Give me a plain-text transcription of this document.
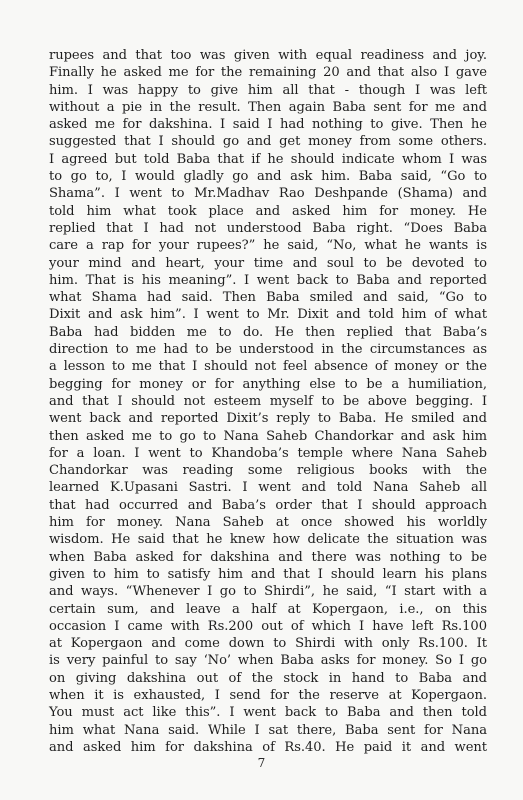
rupees and that too was given with equal readiness and joy.
Finally he asked me for the remaining 20 and that also I gave
him. I was happy to give him all that - though I was left
without a pie in the result. Then again Baba sent for me and
asked me for dakshina. I said I had nothing to give. Then he
suggested that I should go and get money from some others.
I agreed but told Baba that if he should indicate whom I was
to go to, I would gladly go and ask him. Baba said, “Go to
Shama”. I went to Mr.Madhav Rao Deshpande (Shama) and
told him what took place and asked him for money. He
replied that I had not understood Baba right. “Does Baba
care a rap for your rupees?” he said, “No, what he wants is
your mind and heart, your time and soul to be devoted to
him. That is his meaning”. I went back to Baba and reported
what Shama had said. Then Baba smiled and said, “Go to
Dixit and ask him”. I went to Mr. Dixit and told him of what
Baba had bidden me to do. He then replied that Baba’s
direction to me had to be understood in the circumstances as
a lesson to me that I should not feel absence of money or the
begging for money or for anything else to be a humiliation,
and that I should not esteem myself to be above begging. I
went back and reported Dixit’s reply to Baba. He smiled and
then asked me to go to Nana Saheb Chandorkar and ask him
for a loan. I went to Khandoba’s temple where Nana Saheb
Chandorkar was reading some religious books with the
learned K.Upasani Sastri. I went and told Nana Saheb all
that had occurred and Baba’s order that I should approach
him for money. Nana Saheb at once showed his worldly
wisdom. He said that he knew how delicate the situation was
when Baba asked for dakshina and there was nothing to be
given to him to satisfy him and that I should learn his plans
and ways. “Whenever I go to Shirdi”, he said, “I start with a
certain sum, and leave a half at Kopergaon, i.e., on this
occasion I came with Rs.200 out of which I have left Rs.100
at Kopergaon and come down to Shirdi with only Rs.100. It
is very painful to say ‘No’ when Baba asks for money. So I go
on giving dakshina out of the stock in hand to Baba and
when it is exhausted, I send for the reserve at Kopergaon.
You must act like this”. I went back to Baba and then told
him what Nana said. While I sat there, Baba sent for Nana
and asked him for dakshina of Rs.40. He paid it and went
7
